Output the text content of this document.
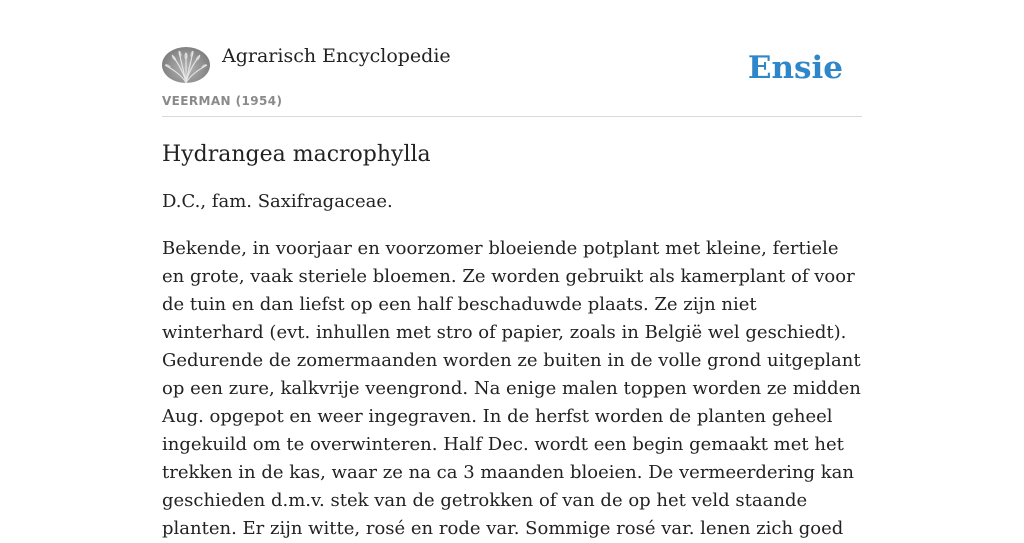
Agrarisch Encyclopedie
VEERMAN (1954)
Ensie
Hydrangea macrophylla

D.C., fam. Saxifragaceae.

Bekende, in voorjaar en voorzomer bloeiende potplant met kleine, fertiele en grote, vaak steriele bloemen. Ze worden gebruikt als kamerplant of voor de tuin en dan liefst op een half beschaduwde plaats. Ze zijn niet winterhard (evt. inhullen met stro of papier, zoals in België wel geschiedt). Gedurende de zomermaanden worden ze buiten in de volle grond uitgeplant op een zure, kalkvrije veengrond. Na enige malen toppen worden ze midden Aug. opgepot en weer ingegraven. In de herfst worden de planten geheel ingekuild om te overwinteren. Half Dec. wordt een begin gemaakt met het trekken in de kas, waar ze na ca 3 maanden bloeien. De vermeerdering kan geschieden d.m.v. stek van de getrokken of van de op het veld staande planten. Er zijn witte, rosé en rode var. Sommige rosé var. lenen zich goed
